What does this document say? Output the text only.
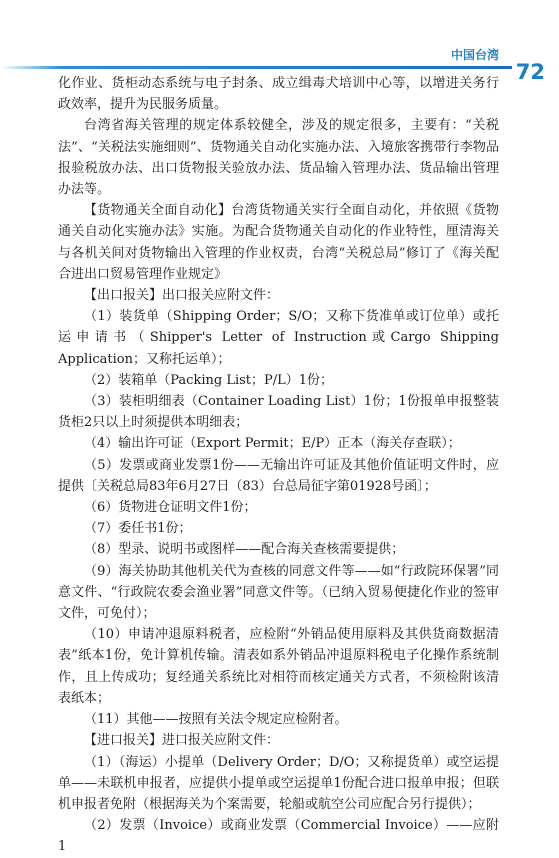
中国台湾
72

化作业、货柜动态系统与电子封条、成立缉毒犬培训中心等，以增进关务行政效率，提升为民服务质量。

台湾省海关管理的规定体系较健全，涉及的规定很多，主要有：“关税法”、“关税法实施细则”、货物通关自动化实施办法、入境旅客携带行李物品报验税放办法、出口货物报关验放办法、货品输入管理办法、货品输出管理办法等。

【货物通关全面自动化】台湾货物通关实行全面自动化，并依照《货物通关自动化实施办法》实施。为配合货物通关自动化的作业特性，厘清海关与各机关间对货物输出入管理的作业权责，台湾“关税总局”修订了《海关配合进出口贸易管理作业规定》

【出口报关】出口报关应附文件：

（1）装货单（Shipping Order；S/O；又称下货准单或订位单）或托运申请书（Shipper's Letter of Instruction或Cargo Shipping Application；又称托运单）；

（2）装箱单（Packing List；P/L）1份；

（3）装柜明细表（Container Loading List）1份；1份报单申报整装货柜2只以上时须提供本明细表；

（4）输出许可证（Export Permit；E/P）正本（海关存查联）；

（5）发票或商业发票1份——无输出许可证及其他价值证明文件时，应提供〔关税总局83年6月27日（83）台总局征字第01928号函〕；

（6）货物进仓证明文件1份；

（7）委任书1份；

（8）型录、说明书或图样——配合海关查核需要提供；

（9）海关协助其他机关代为查核的同意文件等——如“行政院环保署”同意文件、“行政院农委会渔业署”同意文件等。（已纳入贸易便捷化作业的签审文件，可免付）；

（10）申请冲退原料税者，应检附“外销品使用原料及其供货商数据清表”纸本1份，免计算机传输。清表如系外销品冲退原料税电子化操作系统制作，且上传成功；复经通关系统比对相符而核定通关方式者，不须检附该清表纸本；

（11）其他——按照有关法令规定应检附者。

【进口报关】进口报关应附文件：

（1）（海运）小提单（Delivery Order；D/O；又称提货单）或空运提单——未联机申报者，应提供小提单或空运提单1份配合进口报单申报；但联机申报者免附（根据海关为个案需要，轮船或航空公司应配合另行提供）；

（2）发票（Invoice）或商业发票（Commercial Invoice）——应附1
